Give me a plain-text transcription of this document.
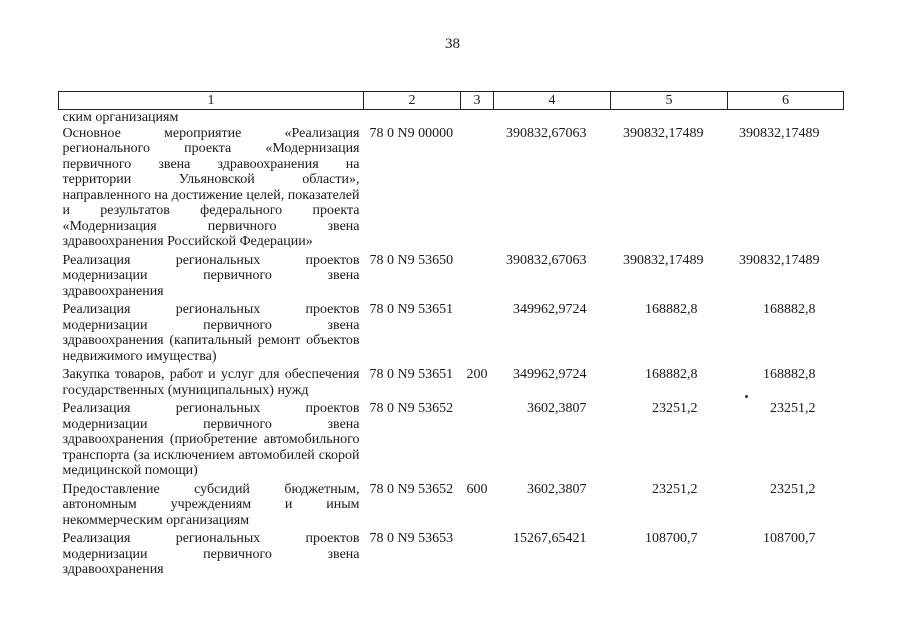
38
1	2	3	4	5	6
ским организациям					
Основное мероприятие «Реализация регионального проекта «Модернизация первичного звена здравоохранения на территории Ульяновской области», направленного на достижение целей, показателей и результатов федерального проекта «Модернизация первичного звена здравоохранения Российской Федерации»	78 0 N9 00000		390832,67063	390832,17489	390832,17489
Реализация региональных проектов модернизации первичного звена здравоохранения	78 0 N9 53650		390832,67063	390832,17489	390832,17489
Реализация региональных проектов модернизации первичного звена здравоохранения (капитальный ремонт объектов недвижимого имущества)	78 0 N9 53651		349962,9724	168882,8	168882,8
Закупка товаров, работ и услуг для обеспечения государственных (муниципальных) нужд	78 0 N9 53651	200	349962,9724	168882,8	168882,8
Реализация региональных проектов модернизации первичного звена здравоохранения (приобретение автомобильного транспорта (за исключением автомобилей скорой медицинской помощи)	78 0 N9 53652		3602,3807	23251,2	23251,2
Предоставление субсидий бюджетным, автономным учреждениям и иным некоммерческим организациям	78 0 N9 53652	600	3602,3807	23251,2	23251,2
Реализация региональных проектов модернизации первичного звена здравоохранения	78 0 N9 53653		15267,65421	108700,7	108700,7
